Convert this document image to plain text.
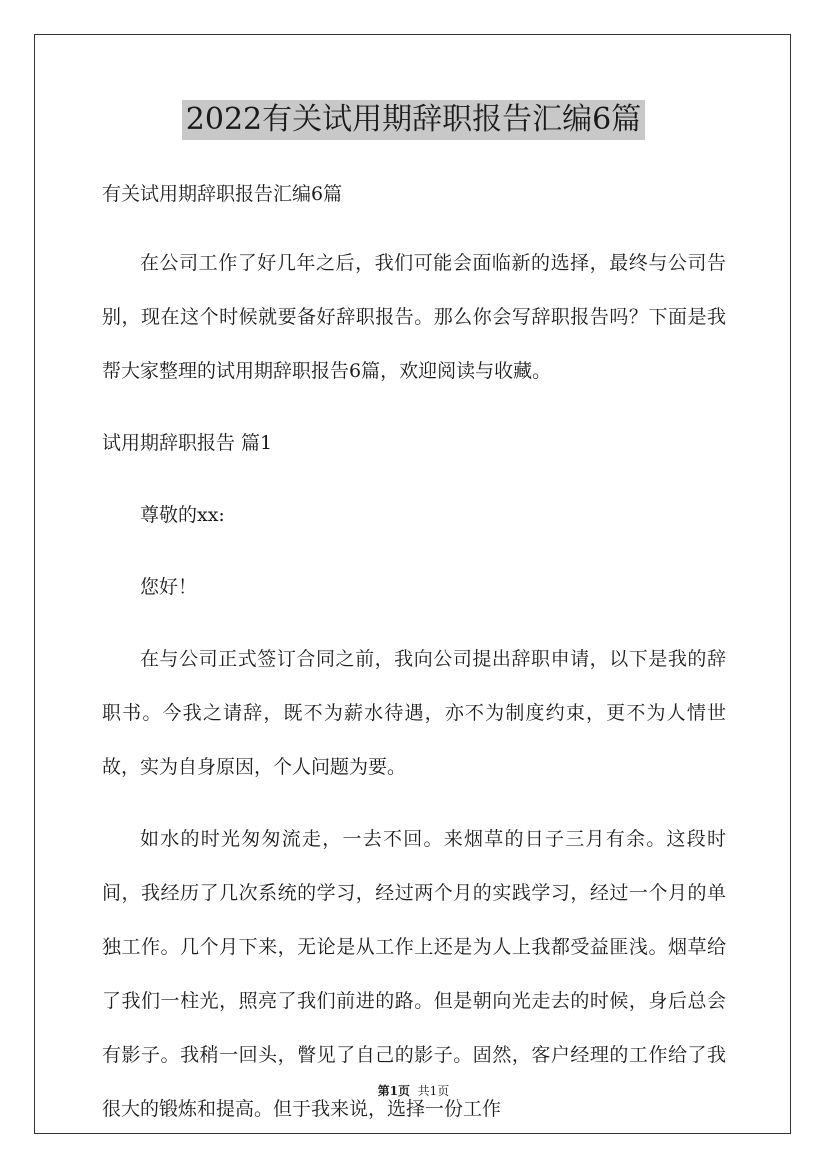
2022有关试用期辞职报告汇编6篇

有关试用期辞职报告汇编6篇

在公司工作了好几年之后，我们可能会面临新的选择，最终与公司告别，现在这个时候就要备好辞职报告。那么你会写辞职报告吗？下面是我帮大家整理的试用期辞职报告6篇，欢迎阅读与收藏。

试用期辞职报告 篇1

尊敬的xx:

您好！

在与公司正式签订合同之前，我向公司提出辞职申请，以下是我的辞职书。今我之请辞，既不为薪水待遇，亦不为制度约束，更不为人情世故，实为自身原因，个人问题为要。

如水的时光匆匆流走，一去不回。来烟草的日子三月有余。这段时间，我经历了几次系统的学习，经过两个月的实践学习，经过一个月的单独工作。几个月下来，无论是从工作上还是为人上我都受益匪浅。烟草给了我们一柱光，照亮了我们前进的路。但是朝向光走去的时候，身后总会有影子。我稍一回头，瞥见了自己的影子。固然，客户经理的工作给了我很大的锻炼和提高。但于我来说，选择一份工作

第1页 共1页
